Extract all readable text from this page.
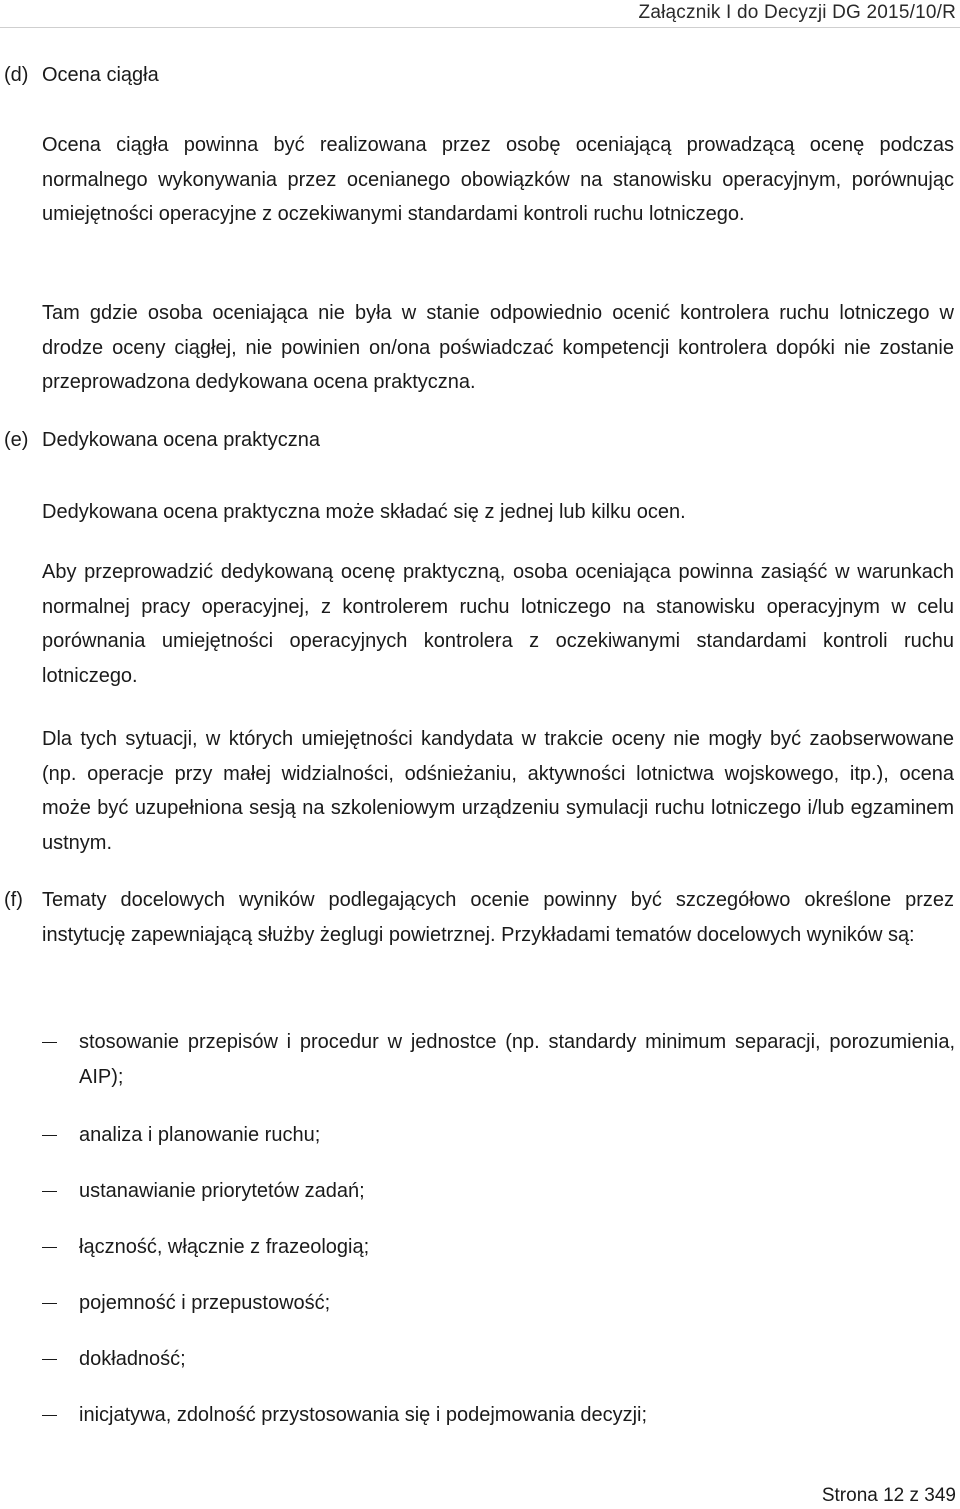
Załącznik I do Decyzji DG 2015/10/R
(d) Ocena ciągła
Ocena ciągła powinna być realizowana przez osobę oceniającą prowadzącą ocenę podczas normalnego wykonywania przez ocenianego obowiązków na stanowisku operacyjnym, porównując umiejętności operacyjne z oczekiwanymi standardami kontroli ruchu lotniczego.
Tam gdzie osoba oceniająca nie była w stanie odpowiednio ocenić kontrolera ruchu lotniczego w drodze oceny ciągłej, nie powinien on/ona poświadczać kompetencji kontrolera dopóki nie zostanie przeprowadzona dedykowana ocena praktyczna.
(e) Dedykowana ocena praktyczna
Dedykowana ocena praktyczna może składać się z jednej lub kilku ocen.
Aby przeprowadzić dedykowaną ocenę praktyczną, osoba oceniająca powinna zasiąść w warunkach normalnej pracy operacyjnej, z kontrolerem ruchu lotniczego na stanowisku operacyjnym w celu porównania umiejętności operacyjnych kontrolera z oczekiwanymi standardami kontroli ruchu lotniczego.
Dla tych sytuacji, w których umiejętności kandydata w trakcie oceny nie mogły być zaobserwowane (np. operacje przy małej widzialności, odśnieżaniu, aktywności lotnictwa wojskowego, itp.), ocena może być uzupełniona sesją na szkoleniowym urządzeniu symulacji ruchu lotniczego i/lub egzaminem ustnym.
(f) Tematy docelowych wyników podlegających ocenie powinny być szczegółowo określone przez instytucję zapewniającą służby żeglugi powietrznej. Przykładami tematów docelowych wyników są:
stosowanie przepisów i procedur w jednostce (np. standardy minimum separacji, porozumienia, AIP);
analiza i planowanie ruchu;
ustanawianie priorytetów zadań;
łączność, włącznie z frazeologią;
pojemność i przepustowość;
dokładność;
inicjatywa, zdolność przystosowania się i podejmowania decyzji;
Strona 12 z 349
